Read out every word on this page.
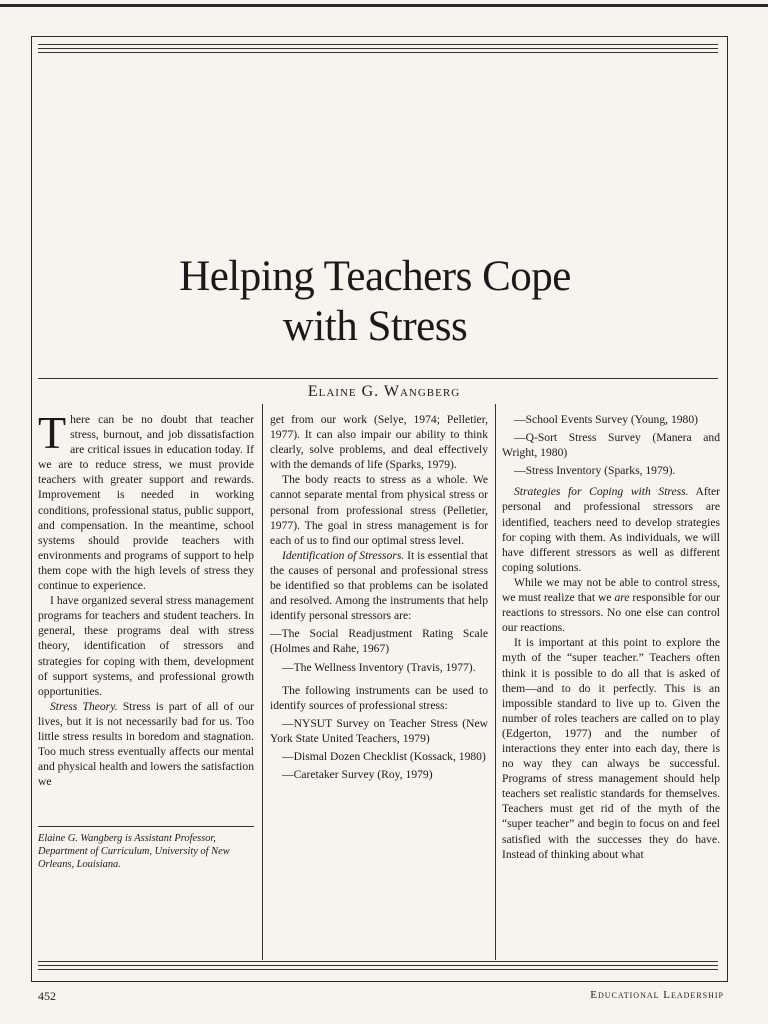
Helping Teachers Cope
with Stress
Elaine G. Wangberg

There can be no doubt that teacher stress, burnout, and job dissatisfaction are critical issues in education today. If we are to reduce stress, we must provide teachers with greater support and rewards. Improvement is needed in working conditions, professional status, public support, and compensation. In the meantime, school systems should provide teachers with environments and programs of support to help them cope with the high levels of stress they continue to experience.

I have organized several stress management programs for teachers and student teachers. In general, these programs deal with stress theory, identification of stressors and strategies for coping with them, development of support systems, and professional growth opportunities.

Stress Theory. Stress is part of all of our lives, but it is not necessarily bad for us. Too little stress results in boredom and stagnation. Too much stress eventually affects our mental and physical health and lowers the satisfaction we

Elaine G. Wangberg is Assistant Professor, Department of Curriculum, University of New Orleans, Louisiana.

get from our work (Selye, 1974; Pelletier, 1977). It can also impair our ability to think clearly, solve problems, and deal effectively with the demands of life (Sparks, 1979).

The body reacts to stress as a whole. We cannot separate mental from physical stress or personal from professional stress (Pelletier, 1977). The goal in stress management is for each of us to find our optimal stress level.

Identification of Stressors. It is essential that the causes of personal and professional stress be identified so that problems can be isolated and resolved. Among the instruments that help identify personal stressors are:

—The Social Readjustment Rating Scale (Holmes and Rahe, 1967)

—The Wellness Inventory (Travis, 1977).

The following instruments can be used to identify sources of professional stress:

—NYSUT Survey on Teacher Stress (New York State United Teachers, 1979)

—Dismal Dozen Checklist (Kossack, 1980)

—Caretaker Survey (Roy, 1979)

—School Events Survey (Young, 1980)

—Q-Sort Stress Survey (Manera and Wright, 1980)

—Stress Inventory (Sparks, 1979).

Strategies for Coping with Stress. After personal and professional stressors are identified, teachers need to develop strategies for coping with them. As individuals, we will have different stressors as well as different coping solutions.

While we may not be able to control stress, we must realize that we are responsible for our reactions to stressors. No one else can control our reactions.

It is important at this point to explore the myth of the “super teacher.” Teachers often think it is possible to do all that is asked of them—and to do it perfectly. This is an impossible standard to live up to. Given the number of roles teachers are called on to play (Edgerton, 1977) and the number of interactions they enter into each day, there is no way they can always be successful. Programs of stress management should help teachers set realistic standards for themselves. Teachers must get rid of the myth of the “super teacher” and begin to focus on and feel satisfied with the successes they do have. Instead of thinking about what

452	Educational Leadership
